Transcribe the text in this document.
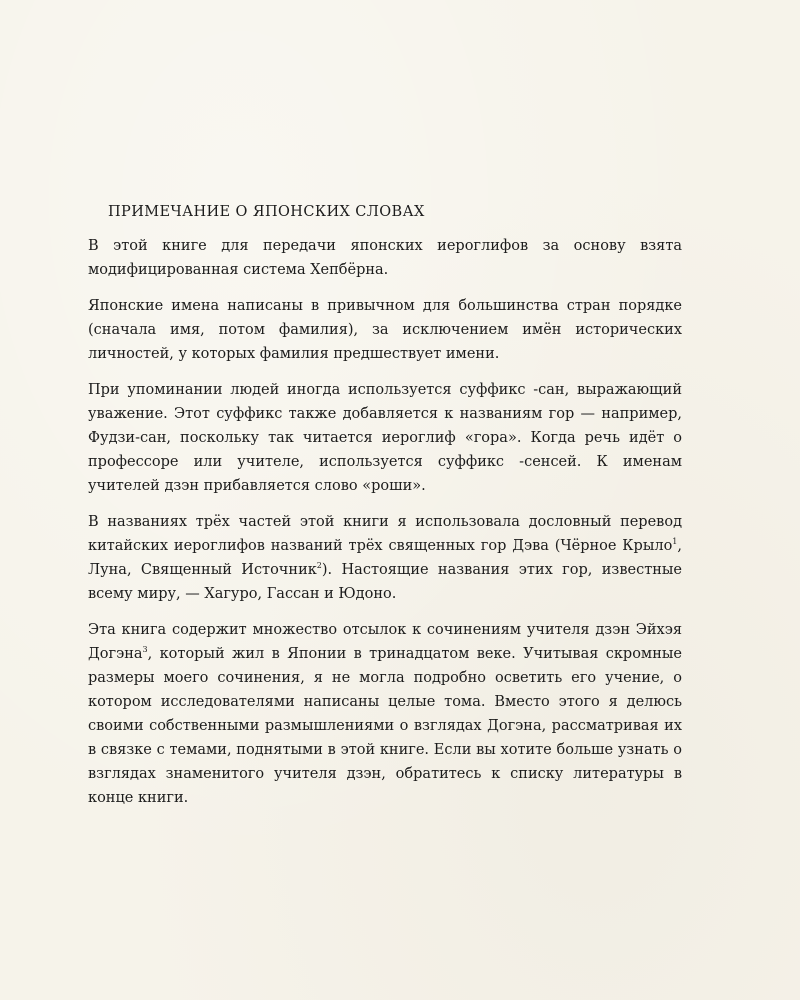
ПРИМЕЧАНИЕ О ЯПОНСКИХ СЛОВАХ

В этой книге для передачи японских иероглифов за основу взята модифицированная система Хепбёрна.

Японские имена написаны в привычном для большинства стран порядке (сначала имя, потом фамилия), за исключением имён исторических личностей, у которых фамилия предшествует имени.

При упоминании людей иногда используется суффикс -сан, выражающий уважение. Этот суффикс также добавляется к названиям гор — например, Фудзи-сан, поскольку так читается иероглиф «гора». Когда речь идёт о профессоре или учителе, используется суффикс -сенсей. К именам учителей дзэн прибавляется слово «роши».

В названиях трёх частей этой книги я использовала дословный перевод китайских иероглифов названий трёх священных гор Дэва (Чёрное Крыло$^1$, Луна, Священный Источник$^2$). Настоящие названия этих гор, известные всему миру, — Хагуро, Гассан и Юдоно.

Эта книга содержит множество отсылок к сочинениям учителя дзэн Эйхэя Догэна$^3$, который жил в Японии в тринадцатом веке. Учитывая скромные размеры моего сочинения, я не могла подробно осветить его учение, о котором исследователями написаны целые тома. Вместо этого я делюсь своими собственными размышлениями о взглядах Догэна, рассматривая их в связке с темами, поднятыми в этой книге. Если вы хотите больше узнать о взглядах знаменитого учителя дзэн, обратитесь к списку литературы в конце книги.
